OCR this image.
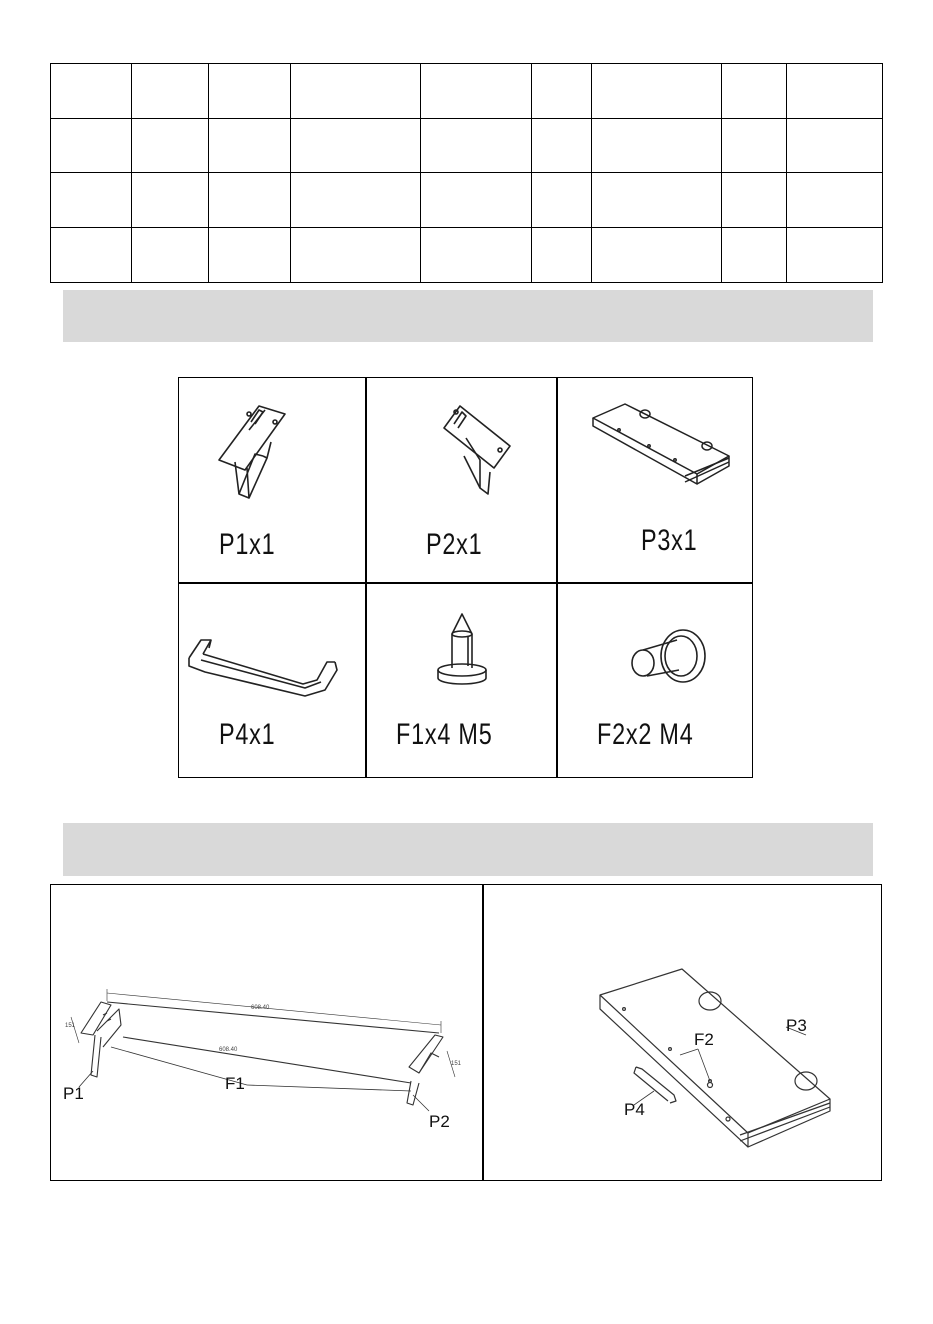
P1x1	P2x1	P3x1
P4x1	F1x4 M5	F2x2 M4
608.40
608.40
151
151
P1
F1
P2
F2
P3
P4
